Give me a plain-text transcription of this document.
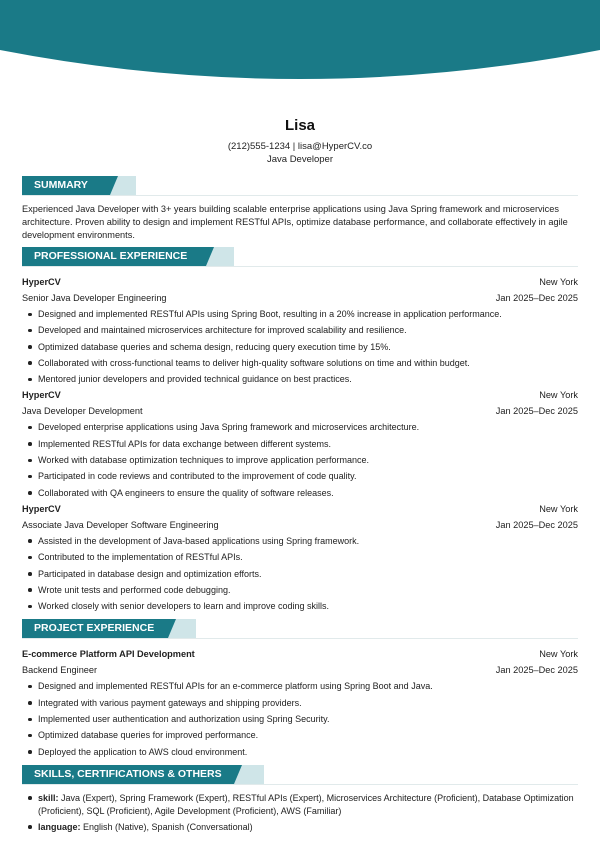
Lisa
(212)555-1234 | lisa@HyperCV.co
Java Developer
SUMMARY

Experienced Java Developer with 3+ years building scalable enterprise applications using Java Spring framework and microservices architecture. Proven ability to design and implement RESTful APIs, optimize database performance, and collaborate effectively in agile development environments.

PROFESSIONAL EXPERIENCE
HyperCV	New York
Senior Java Developer Engineering	Jan 2025–Dec 2025
Designed and implemented RESTful APIs using Spring Boot, resulting in a 20% increase in application performance.
Developed and maintained microservices architecture for improved scalability and resilience.
Optimized database queries and schema design, reducing query execution time by 15%.
Collaborated with cross-functional teams to deliver high-quality software solutions on time and within budget.
Mentored junior developers and provided technical guidance on best practices.
HyperCV	New York
Java Developer Development	Jan 2025–Dec 2025
Developed enterprise applications using Java Spring framework and microservices architecture.
Implemented RESTful APIs for data exchange between different systems.
Worked with database optimization techniques to improve application performance.
Participated in code reviews and contributed to the improvement of code quality.
Collaborated with QA engineers to ensure the quality of software releases.
HyperCV	New York
Associate Java Developer Software Engineering	Jan 2025–Dec 2025
Assisted in the development of Java-based applications using Spring framework.
Contributed to the implementation of RESTful APIs.
Participated in database design and optimization efforts.
Wrote unit tests and performed code debugging.
Worked closely with senior developers to learn and improve coding skills.
PROJECT EXPERIENCE
E-commerce Platform API Development	New York
Backend Engineer	Jan 2025–Dec 2025
Designed and implemented RESTful APIs for an e-commerce platform using Spring Boot and Java.
Integrated with various payment gateways and shipping providers.
Implemented user authentication and authorization using Spring Security.
Optimized database queries for improved performance.
Deployed the application to AWS cloud environment.
SKILLS, CERTIFICATIONS & OTHERS
skill: Java (Expert), Spring Framework (Expert), RESTful APIs (Expert), Microservices Architecture (Proficient), Database Optimization (Proficient), SQL (Proficient), Agile Development (Proficient), AWS (Familiar)
language: English (Native), Spanish (Conversational)
